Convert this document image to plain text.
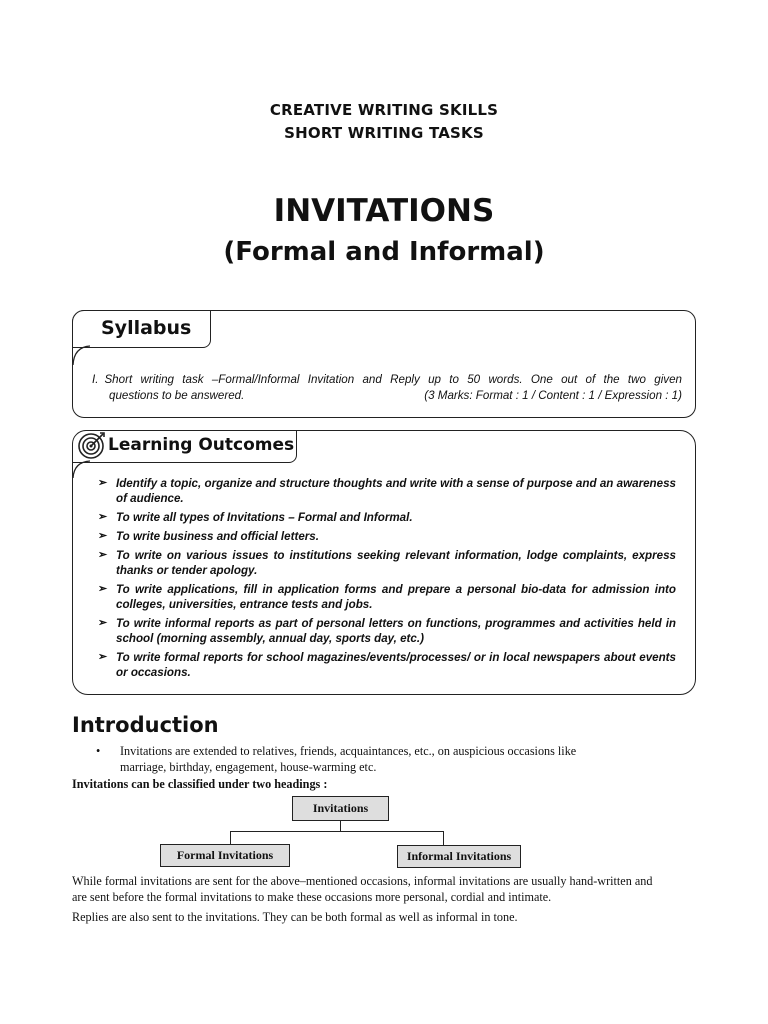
CREATIVE WRITING SKILLS
SHORT WRITING TASKS
INVITATIONS
(Formal and Informal)
Syllabus
I. Short writing task –Formal/Informal Invitation and Reply up to 50 words. One out of the two given
questions to be answered.	(3 Marks: Format : 1 / Content : 1 / Expression : 1)
Learning Outcomes
➢ Identify a topic, organize and structure thoughts and write with a sense of purpose and an awareness of audience.
➢ To write all types of Invitations – Formal and Informal.
➢ To write business and official letters.
➢ To write on various issues to institutions seeking relevant information, lodge complaints, express thanks or tender apology.
➢ To write applications, fill in application forms and prepare a personal bio-data for admission into colleges, universities, entrance tests and jobs.
➢ To write informal reports as part of personal letters on functions, programmes and activities held in school (morning assembly, annual day, sports day, etc.)
➢ To write formal reports for school magazines/events/processes/ or in local newspapers about events or occasions.
Introduction
• Invitations are extended to relatives, friends, acquaintances, etc., on auspicious occasions like
marriage, birthday, engagement, house-warming etc.
Invitations can be classified under two headings :
Invitations
Formal Invitations	Informal Invitations
While formal invitations are sent for the above–mentioned occasions, informal invitations are usually hand-written and
are sent before the formal invitations to make these occasions more personal, cordial and intimate.
Replies are also sent to the invitations. They can be both formal as well as informal in tone.
